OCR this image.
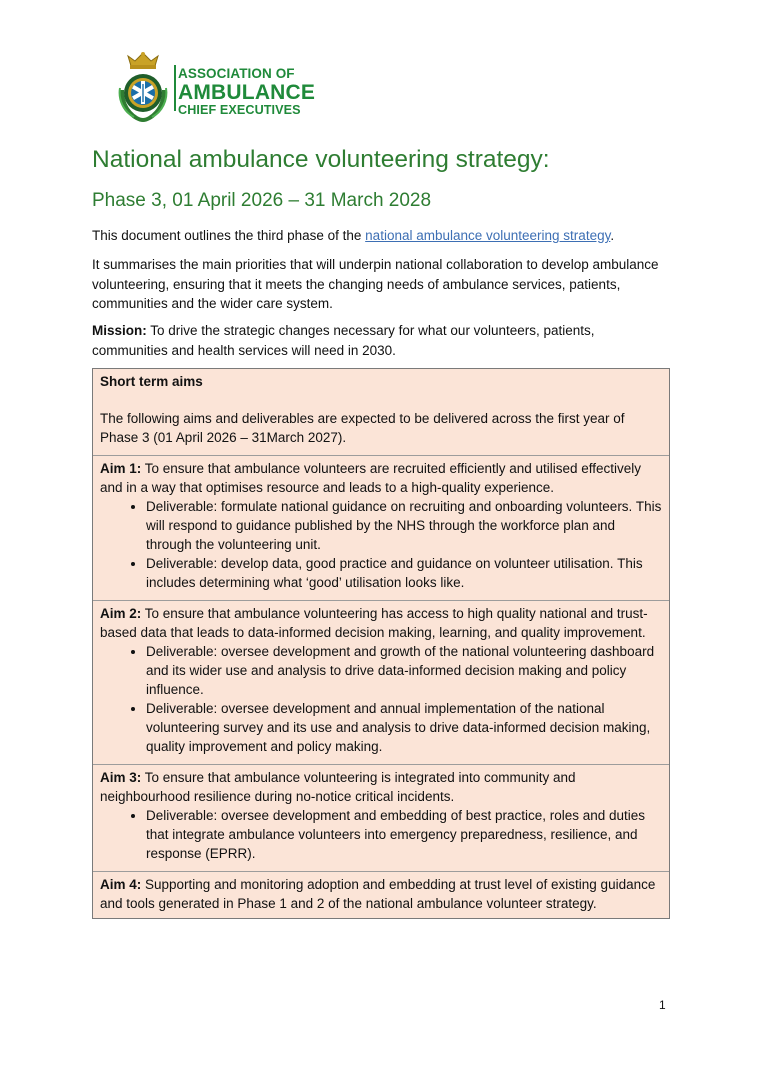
ASSOCIATION OF
AMBULANCE
CHIEF EXECUTIVES
National ambulance volunteering strategy:
Phase 3, 01 April 2026 – 31 March 2028
This document outlines the third phase of the national ambulance volunteering strategy.
It summarises the main priorities that will underpin national collaboration to develop ambulance volunteering, ensuring that it meets the changing needs of ambulance services, patients, communities and the wider care system.
Mission: To drive the strategic changes necessary for what our volunteers, patients, communities and health services will need in 2030.
Short term aims
The following aims and deliverables are expected to be delivered across the first year of Phase 3 (01 April 2026 – 31March 2027).
Aim 1: To ensure that ambulance volunteers are recruited efficiently and utilised effectively and in a way that optimises resource and leads to a high-quality experience.
• Deliverable: formulate national guidance on recruiting and onboarding volunteers. This will respond to guidance published by the NHS through the workforce plan and through the volunteering unit.
• Deliverable: develop data, good practice and guidance on volunteer utilisation. This includes determining what ‘good’ utilisation looks like.
Aim 2: To ensure that ambulance volunteering has access to high quality national and trust-based data that leads to data-informed decision making, learning, and quality improvement.
• Deliverable: oversee development and growth of the national volunteering dashboard and its wider use and analysis to drive data-informed decision making and policy influence.
• Deliverable: oversee development and annual implementation of the national volunteering survey and its use and analysis to drive data-informed decision making, quality improvement and policy making.
Aim 3: To ensure that ambulance volunteering is integrated into community and neighbourhood resilience during no-notice critical incidents.
• Deliverable: oversee development and embedding of best practice, roles and duties that integrate ambulance volunteers into emergency preparedness, resilience, and response (EPRR).
Aim 4: Supporting and monitoring adoption and embedding at trust level of existing guidance and tools generated in Phase 1 and 2 of the national ambulance volunteer strategy.
1
